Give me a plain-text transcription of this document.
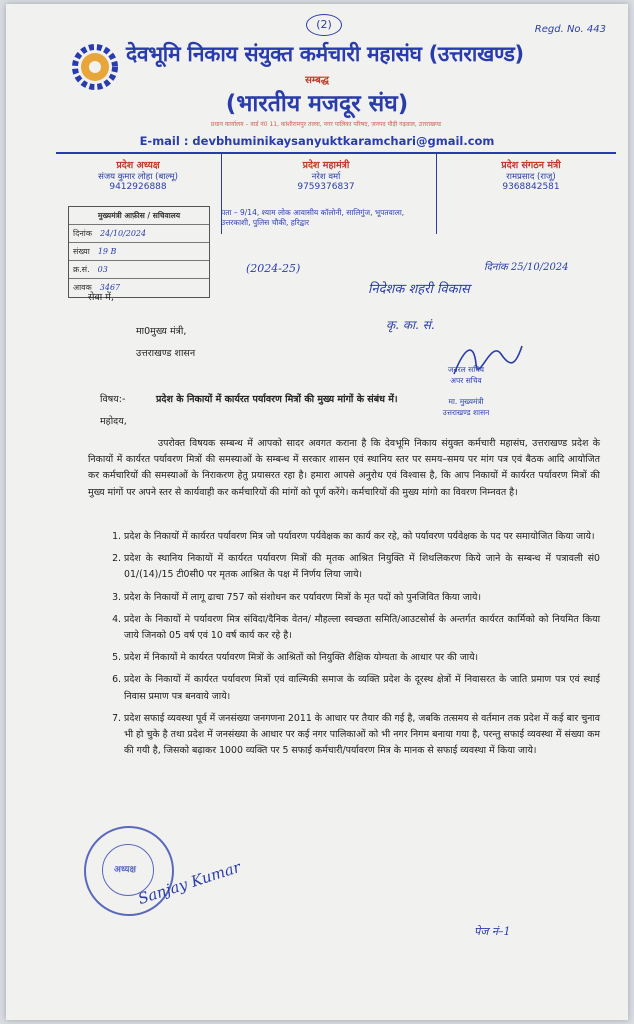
(2)	Regd. No. 443
देवभूमि निकाय संयुक्त कर्मचारी महासंघ (उत्तराखण्ड)
सम्बद्ध
(भारतीय मजदूर संघ)
प्रधान कार्यालय – वार्ड नं0 11, कांशीरामपुर तल्ला, नगर पालिका परिषद, जनपद पौड़ी गढ़वाल, उत्तराखण्ड
E-mail : devbhuminikaysanyuktkaramchari@gmail.com
प्रदेश अध्यक्ष
संजय कुमार लोहा (बाल्मू)
9412926888
प्रदेश महामंत्री
नरेश वर्मा
9759376837
प्रदेश संगठन मंत्री
रामप्रसाद (राजू)
9368842581
पता – 9/14, श्याम लोक आवासीय कॉलोनी, सालिगुंज, भूपतवाला, उत्तरकाशी, पुलिस चौकी, हरिद्वार
मुख्यमंत्री आफ़ीस / सचिवालय
दिनांक 24/10/2024
संख्या 19 B
क्र.सं. 03
आवक 3467
(2024-25)	दिनांक 25/10/2024
निदेशक शहरी विकास
कृ. का. सं.
सेवा में,
मा0मुख्य मंत्री,
उत्तराखण्ड शासन
जनरल सचिव
अपर सचिव
मा. मुख्यमंत्री
उत्तराखण्ड शासन
विषय:-	प्रदेश के निकायों में कार्यरत पर्यावरण मित्रों की मुख्य मांगों के संबंध में।
महोदय,

उपरोक्त विषयक सम्बन्ध में आपको सादर अवगत कराना है कि देवभूमि निकाय संयुक्त कर्मचारी महासंघ, उत्तराखण्ड प्रदेश के निकायों में कार्यरत पर्यावरण मित्रों की समस्याओं के सम्बन्ध में सरकार शासन एवं स्थानिय स्तर पर समय–समय पर मांग पत्र एवं बैठक आदि आयोजित कर कर्मचारियों की समस्याओं के निराकरण हेतु प्रयासरत रहा है। हमारा आपसे अनुरोध एवं विश्वास है, कि आप निकायों में कार्यरत पर्यावरण मित्रों की मुख्य मांगों पर अपने स्तर से कार्यवाही कर कर्मचारियों की मांगों को पूर्ण करेंगे। कर्मचारियों की मुख्य मांगो का विवरण निम्नवत है।

1. प्रदेश के निकायों में कार्यरत पर्यावरण मित्र जो पर्यावरण पर्यवेक्षक का कार्य कर रहे, को पर्यावरण पर्यवेक्षक के पद पर समायोजित किया जाये।
2. प्रदेश के स्थानिय निकायों में कार्यरत पर्यावरण मित्रों की मृतक आश्रित नियुक्ति में शिथलिकरण किये जाने के सम्बन्ध में पत्रावली सं0 01/(14)/15 टी0सी0 पर मृतक आश्रित के पक्ष में निर्णय लिया जाये।
3. प्रदेश के निकायों में लागू ढाचा 757 को संशोधन कर पर्यावरण मित्रों के मृत पदों को पुनजिवित किया जाये।
4. प्रदेश के निकायों मे पर्यावरण मित्र संविदा/दैनिक वेतन/ मौहल्ला स्वच्छता समिति/आउटसोर्स के अन्तर्गत कार्यरत कार्मिको को नियमित किया जाये जिनको 05 वर्ष एवं 10 वर्ष कार्य कर रहे है।
5. प्रदेश में निकायों मे कार्यरत पर्यावरण मित्रों के आश्रितों को नियुक्ति शैक्षिक योग्यता के आधार पर की जाये।
6. प्रदेश के निकायों में कार्यरत पर्यावरण मित्रों एवं वाल्मिकी समाज के व्यक्ति प्रदेश के दूरस्थ क्षेत्रों में निवासरत के जाति प्रमाण पत्र एवं स्थाई निवास प्रमाण पत्र बनवाये जाये।
7. प्रदेश सफाई व्यवस्था पूर्व में जनसंख्या जनगणना 2011 के आधार पर तैयार की गई है, जबकि तत्समय से वर्तमान तक प्रदेश में कई बार चुनाव भी हो चुके है तथा प्रदेश में जनसंख्या के आधार पर कई नगर पालिकाओं को भी नगर निगम बनाया गया है, परन्तु सफाई व्यवस्था में संख्या कम की गयी है, जिसको बढ़ाकर 1000 व्यक्ति पर 5 सफाई कर्मचारी/पर्यावरण मित्र के मानक से सफाई व्यवस्था में किया जाये।
अध्यक्ष Sanjay Kumar
पेज नं–1
